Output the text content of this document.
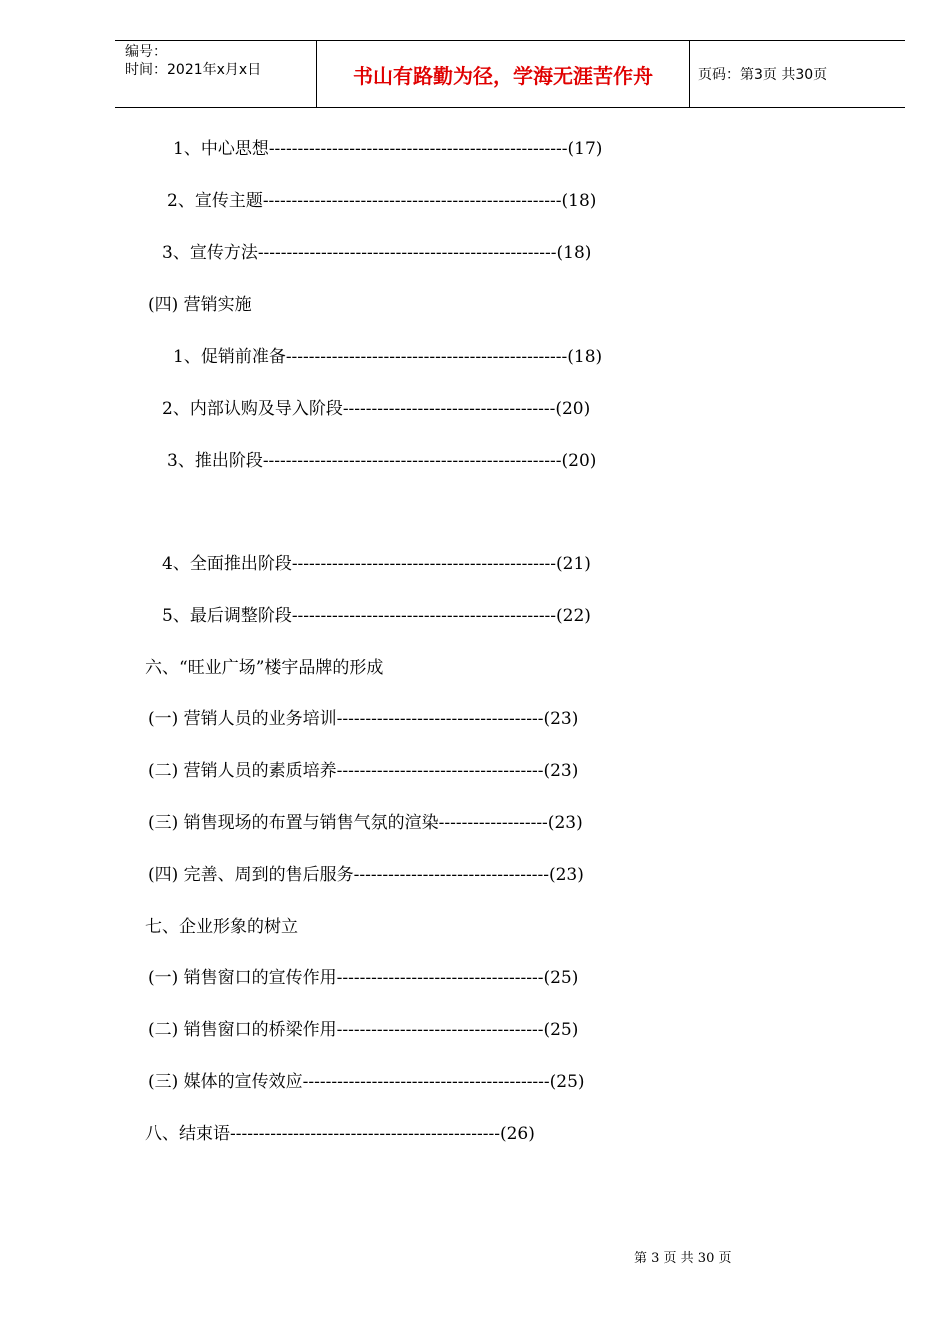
编号：
时间：2021年x月x日	书山有路勤为径，学海无涯苦作舟	页码：第3页 共30页
1、中心思想----------------------------------------------------(17)
2、宣传主题----------------------------------------------------(18)
3、宣传方法----------------------------------------------------(18)
(四) 营销实施
1、促销前准备-------------------------------------------------(18)
2、内部认购及导入阶段-------------------------------------(20)
3、推出阶段----------------------------------------------------(20)
4、全面推出阶段----------------------------------------------(21)
5、最后调整阶段----------------------------------------------(22)
六、“旺业广场”楼宇品牌的形成
(一) 营销人员的业务培训------------------------------------(23)
(二) 营销人员的素质培养------------------------------------(23)
(三) 销售现场的布置与销售气氛的渲染-------------------(23)
(四) 完善、周到的售后服务----------------------------------(23)
七、企业形象的树立
(一) 销售窗口的宣传作用------------------------------------(25)
(二) 销售窗口的桥梁作用------------------------------------(25)
(三) 媒体的宣传效应-------------------------------------------(25)
八、结束语-----------------------------------------------(26)
第 3 页 共 30 页
